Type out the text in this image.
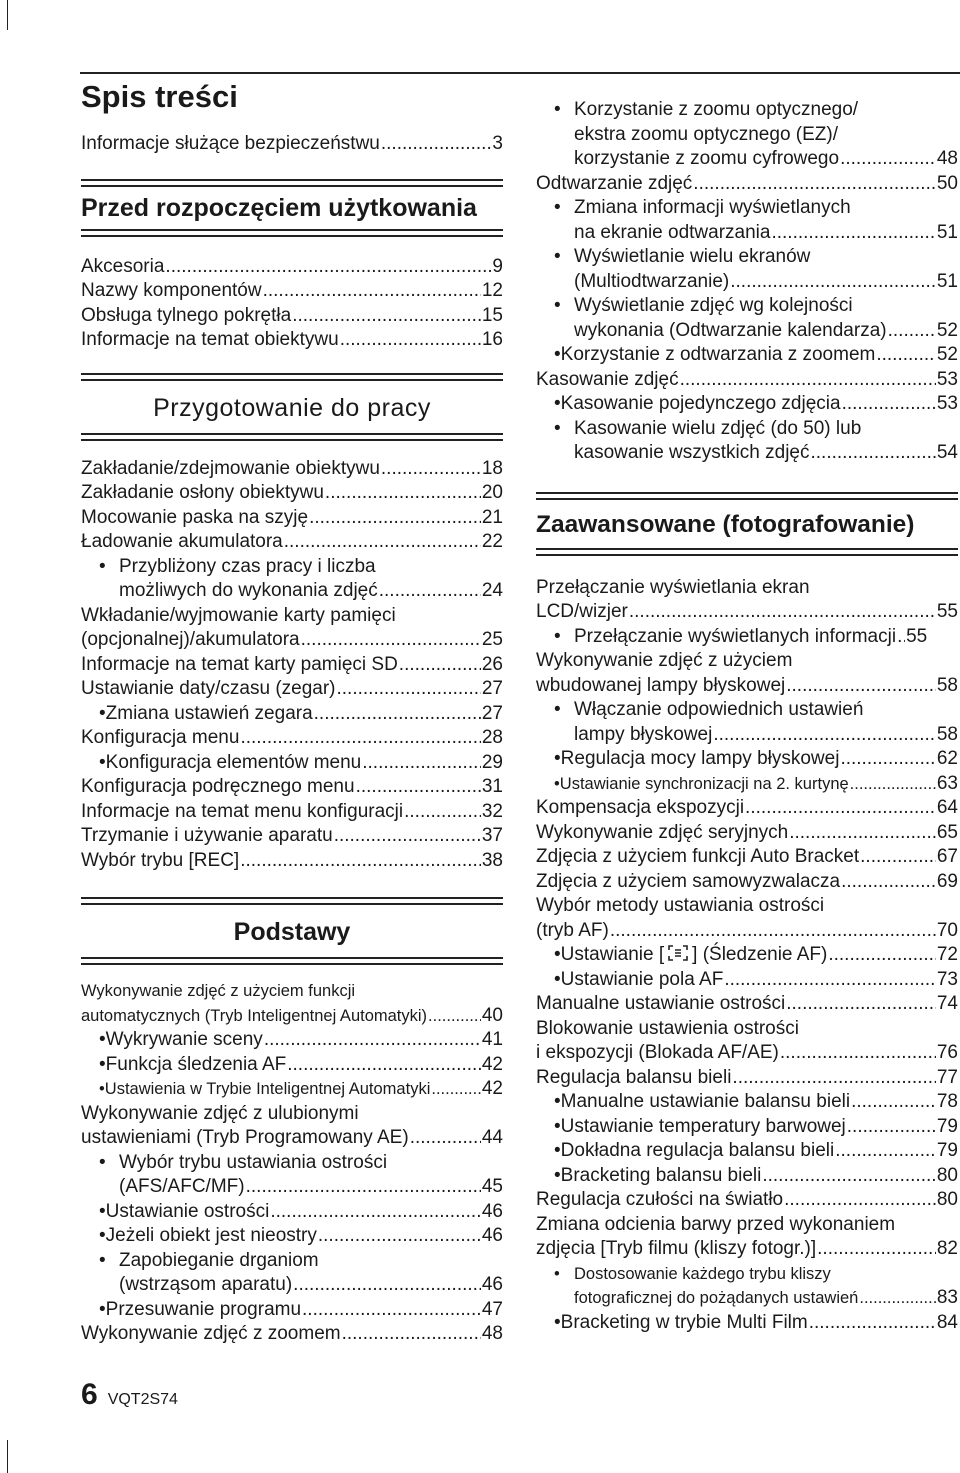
Spis treści
Informacje służące bezpieczeństwu .....	3
Przed rozpoczęciem użytkowania
Akcesoria .....	9
Nazwy komponentów .....	12
Obsługa tylnego pokrętła .....	15
Informacje na temat obiektywu .....	16
Przygotowanie do pracy
Zakładanie/zdejmowanie obiektywu .....	18
Zakładanie osłony obiektywu .....	20
Mocowanie paska na szyję .....	21
Ładowanie akumulatora .....	22
• Przybliżony czas pracy i liczba
możliwych do wykonania zdjęć .....	24
Wkładanie/wyjmowanie karty pamięci
(opcjonalnej)/akumulatora .....	25
Informacje na temat karty pamięci SD .....	26
Ustawianie daty/czasu (zegar) .....	27
• Zmiana ustawień zegara .....	27
Konfiguracja menu .....	28
• Konfiguracja elementów menu .....	29
Konfiguracja podręcznego menu .....	31
Informacje na temat menu konfiguracji .....	32
Trzymanie i używanie aparatu .....	37
Wybór trybu [REC] .....	38
Podstawy
Wykonywanie zdjęć z użyciem funkcji
automatycznych (Tryb Inteligentnej Automatyki) .....	40
• Wykrywanie sceny .....	41
• Funkcja śledzenia AF .....	42
• Ustawienia w Trybie Inteligentnej Automatyki .....	42
Wykonywanie zdjęć z ulubionymi
ustawieniami (Tryb Programowany AE) .....	44
• Wybór trybu ustawiania ostrości
(AFS/AFC/MF) .....	45
• Ustawianie ostrości .....	46
• Jeżeli obiekt jest nieostry .....	46
• Zapobieganie drganiom
(wstrząsom aparatu) .....	46
• Przesuwanie programu .....	47
Wykonywanie zdjęć z zoomem .....	48
• Korzystanie z zoomu optycznego/
ekstra zoomu optycznego (EZ)/
korzystanie z zoomu cyfrowego .....	48
Odtwarzanie zdjęć .....	50
• Zmiana informacji wyświetlanych
na ekranie odtwarzania .....	51
• Wyświetlanie wielu ekranów
(Multiodtwarzanie) .....	51
• Wyświetlanie zdjęć wg kolejności
wykonania (Odtwarzanie kalendarza) .....	52
• Korzystanie z odtwarzania z zoomem .....	52
Kasowanie zdjęć .....	53
• Kasowanie pojedynczego zdjęcia .....	53
• Kasowanie wielu zdjęć (do 50) lub
kasowanie wszystkich zdjęć .....	54
Zaawansowane (fotografowanie)
Przełączanie wyświetlania ekran
LCD/wizjer .....	55
• Przełączanie wyświetlanych informacji ..... 55
Wykonywanie zdjęć z użyciem
wbudowanej lampy błyskowej .....	58
• Włączanie odpowiednich ustawień
lampy błyskowej .....	58
• Regulacja mocy lampy błyskowej .....	62
• Ustawianie synchronizacji na 2. kurtynę .....	63
Kompensacja ekspozycji .....	64
Wykonywanie zdjęć seryjnych .....	65
Zdjęcia z użyciem funkcji Auto Bracket .....	67
Zdjęcia z użyciem samowyzwalacza .....	69
Wybór metody ustawiania ostrości
(tryb AF) .....	70
• Ustawianie [ ] (Śledzenie AF) .....	72
• Ustawianie pola AF .....	73
Manualne ustawianie ostrości .....	74
Blokowanie ustawienia ostrości
i ekspozycji (Blokada AF/AE) .....	76
Regulacja balansu bieli .....	77
• Manualne ustawianie balansu bieli .....	78
• Ustawianie temperatury barwowej .....	79
• Dokładna regulacja balansu bieli .....	79
• Bracketing balansu bieli .....	80
Regulacja czułości na światło .....	80
Zmiana odcienia barwy przed wykonaniem
zdjęcia [Tryb filmu (kliszy fotogr.)] .....	82
• Dostosowanie każdego trybu kliszy
fotograficznej do pożądanych ustawień .....	83
• Bracketing w trybie Multi Film .....	84
6 VQT2S74
